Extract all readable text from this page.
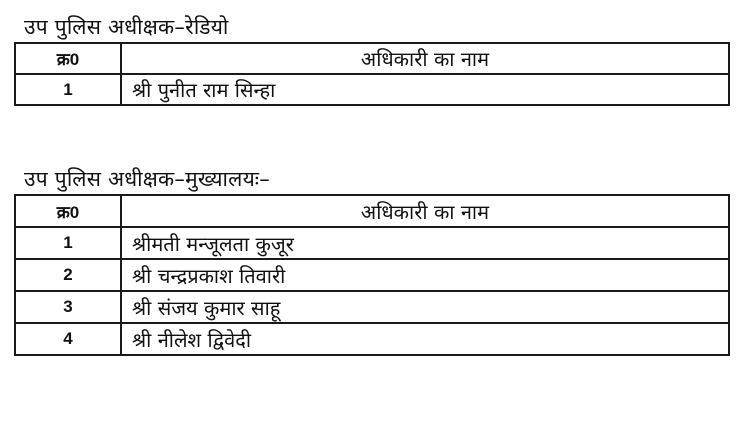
उप पुलिस अधीक्षक–रेडियो
क्र0	अधिकारी का नाम
1	श्री पुनीत राम सिन्हा
उप पुलिस अधीक्षक–मुख्यालयः–
क्र0	अधिकारी का नाम
1	श्रीमती मन्जूलता कुजूर
2	श्री चन्द्रप्रकाश तिवारी
3	श्री संजय कुमार साहू
4	श्री नीलेश द्विवेदी
